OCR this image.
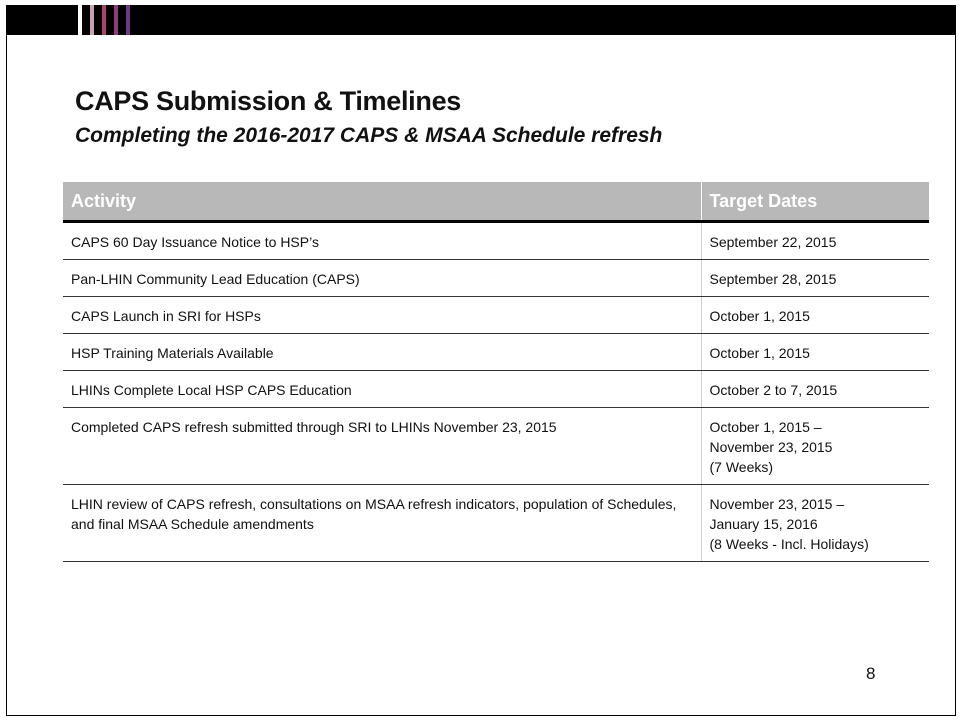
CAPS Submission & Timelines
Completing the 2016-2017 CAPS & MSAA Schedule refresh
Activity	Target Dates
CAPS 60 Day Issuance Notice to HSP’s	September 22, 2015

Pan-LHIN Community Lead Education (CAPS)	September 28, 2015

CAPS Launch in SRI for HSPs	October 1, 2015

HSP Training Materials Available	October 1, 2015

LHINs Complete Local HSP CAPS Education	October 2 to 7, 2015

Completed CAPS refresh submitted through SRI to LHINs November 23, 2015	October 1, 2015 –
November 23, 2015
(7 Weeks)

LHIN review of CAPS refresh, consultations on MSAA refresh indicators, population of Schedules, and final MSAA Schedule amendments	November 23, 2015 –
January 15, 2016
(8 Weeks - Incl. Holidays)
8
